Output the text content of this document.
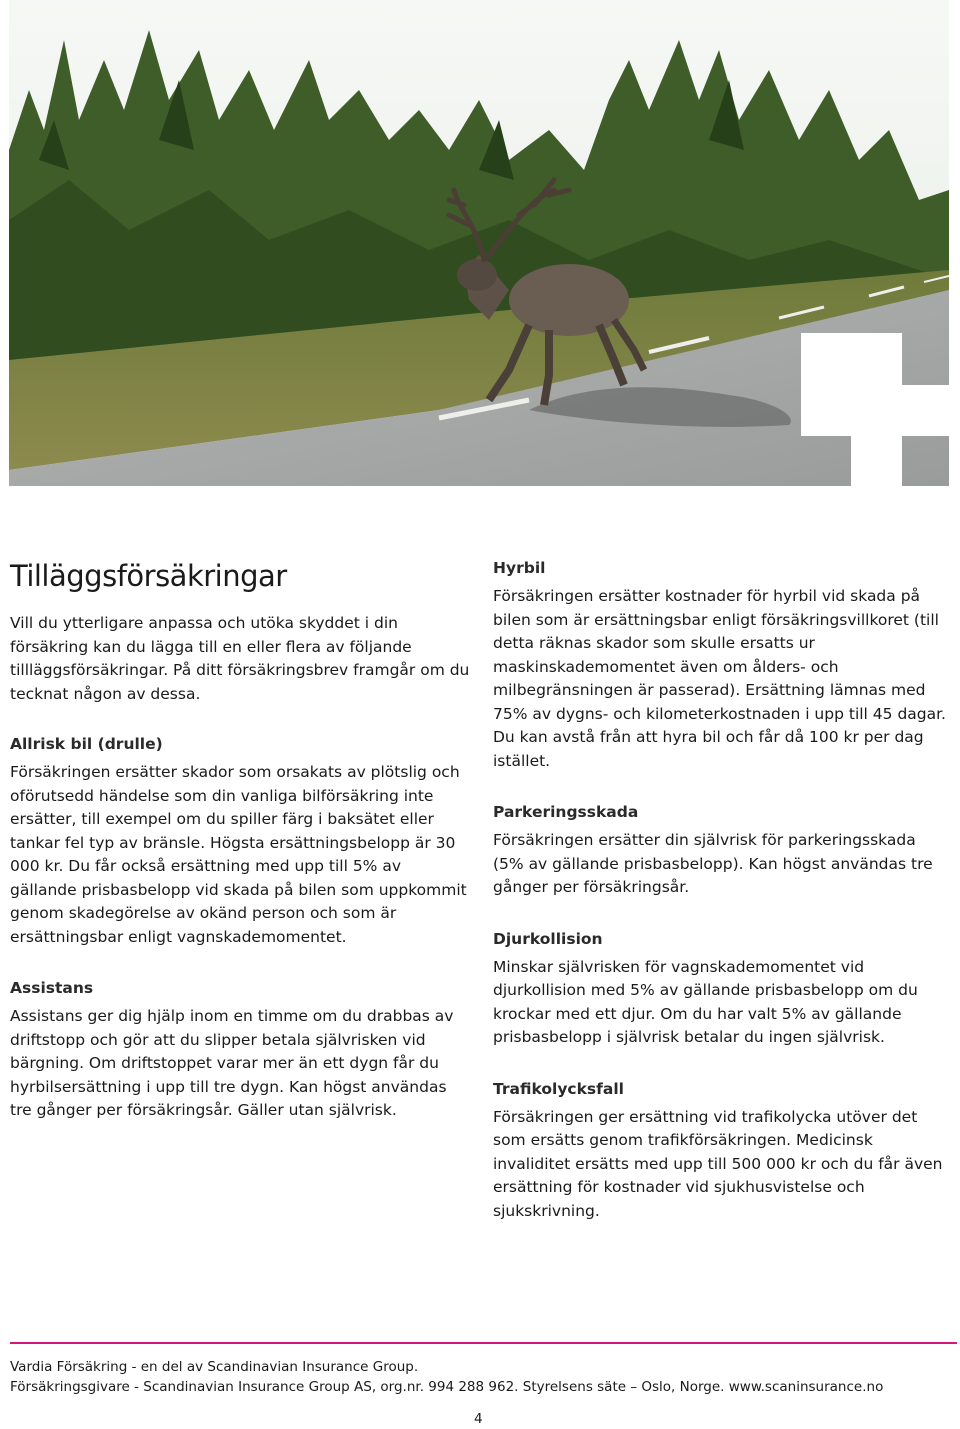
Tilläggsförsäkringar

Vill du ytterligare anpassa och utöka skyddet i din försäkring kan du lägga till en eller flera av följande tillläggsförsäkringar. På ditt försäkringsbrev framgår om du tecknat någon av dessa.

Allrisk bil (drulle)

Försäkringen ersätter skador som orsakats av plötslig och oförutsedd händelse som din vanliga bilförsäkring inte ersätter, till exempel om du spiller färg i baksätet eller tankar fel typ av bränsle. Högsta ersättningsbelopp är 30 000 kr. Du får också ersättning med upp till 5% av gällande prisbasbelopp vid skada på bilen som uppkommit genom skadegörelse av okänd person och som är ersättningsbar enligt vagnskademomentet.

Assistans

Assistans ger dig hjälp inom en timme om du drabbas av driftstopp och gör att du slipper betala självrisken vid bärgning. Om driftstoppet varar mer än ett dygn får du hyrbilsersättning i upp till tre dygn. Kan högst användas tre gånger per försäkringsår. Gäller utan självrisk.

Hyrbil

Försäkringen ersätter kostnader för hyrbil vid skada på bilen som är ersättningsbar enligt försäkringsvillkoret (till detta räknas skador som skulle ersatts ur maskinskademomentet även om ålders- och milbegränsningen är passerad). Ersättning lämnas med 75% av dygns- och kilometerkostnaden i upp till 45 dagar. Du kan avstå från att hyra bil och får då 100 kr per dag istället.

Parkeringsskada

Försäkringen ersätter din självrisk för parkeringsskada (5% av gällande prisbasbelopp). Kan högst användas tre gånger per försäkringsår.

Djurkollision

Minskar självrisken för vagnskademomentet vid djurkollision med 5% av gällande prisbasbelopp om du krockar med ett djur. Om du har valt 5% av gällande prisbasbelopp i självrisk betalar du ingen självrisk.

Trafikolycksfall

Försäkringen ger ersättning vid trafikolycka utöver det som ersätts genom trafikförsäkringen. Medicinsk invaliditet ersätts med upp till 500 000 kr och du får även ersättning för kostnader vid sjukhusvistelse och sjukskrivning.

Vardia Försäkring - en del av Scandinavian Insurance Group.
Försäkringsgivare - Scandinavian Insurance Group AS, org.nr. 994 288 962. Styrelsens säte – Oslo, Norge. www.scaninsurance.no
4
